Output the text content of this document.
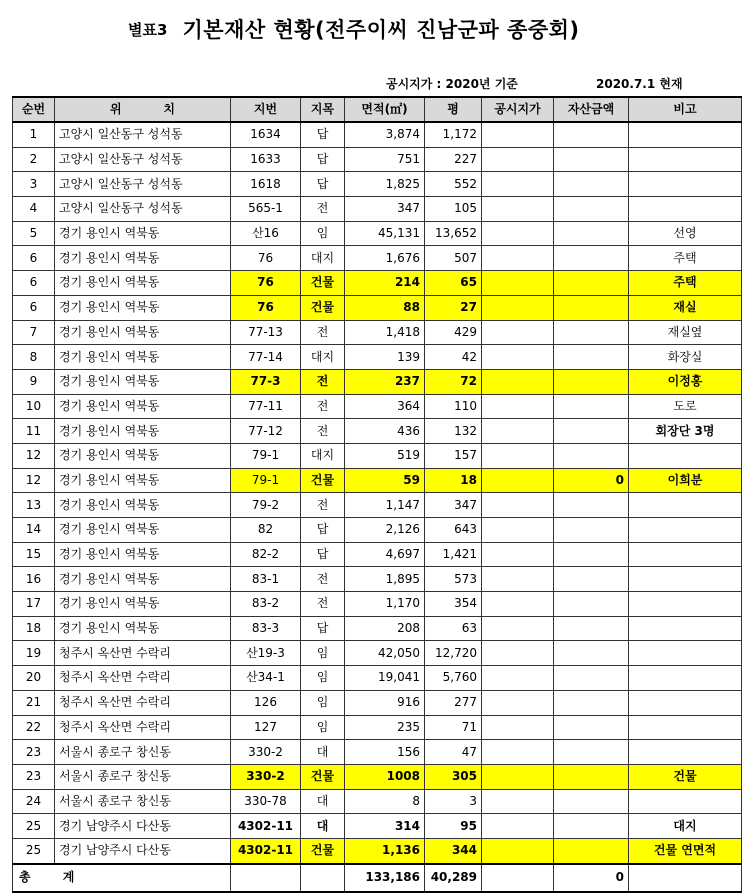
별표3 기본재산 현황(전주이씨 진남군파 종중회)
공시지가 : 2020년 기준	2020.7.1 현재
순번	위          치	지번	지목	면적(㎡)	평	공시지가	자산금액	비고
1	고양시 일산동구 성석동	1634	답	3,874	1,172			
2	고양시 일산동구 성석동	1633	답	751	227			
3	고양시 일산동구 성석동	1618	답	1,825	552			
4	고양시 일산동구 성석동	565-1	전	347	105			
5	경기 용인시 역북동	산16	임	45,131	13,652			선영
6	경기 용인시 역북동	76	대지	1,676	507			주택
6	경기 용인시 역북동	76	건물	214	65			주택
6	경기 용인시 역북동	76	건물	88	27			재실
7	경기 용인시 역북동	77-13	전	1,418	429			재실옆
8	경기 용인시 역북동	77-14	대지	139	42			화장실
9	경기 용인시 역북동	77-3	전	237	72			이정홍
10	경기 용인시 역북동	77-11	전	364	110			도로
11	경기 용인시 역북동	77-12	전	436	132			회장단 3명
12	경기 용인시 역북동	79-1	대지	519	157			
12	경기 용인시 역북동	79-1	건물	59	18		0	이희분
13	경기 용인시 역북동	79-2	전	1,147	347			
14	경기 용인시 역북동	82	답	2,126	643			
15	경기 용인시 역북동	82-2	답	4,697	1,421			
16	경기 용인시 역북동	83-1	전	1,895	573			
17	경기 용인시 역북동	83-2	전	1,170	354			
18	경기 용인시 역북동	83-3	답	208	63			
19	청주시 옥산면 수락리	산19-3	임	42,050	12,720			
20	청주시 옥산면 수락리	산34-1	임	19,041	5,760			
21	청주시 옥산면 수락리	126	임	916	277			
22	청주시 옥산면 수락리	127	임	235	71			
23	서울시 종로구 창신동	330-2	대	156	47			
23	서울시 종로구 창신동	330-2	건물	1008	305			건물
24	서울시 종로구 창신동	330-78	대	8	3			
25	경기 남양주시 다산동	4302-11	대	314	95			대지
25	경기 남양주시 다산동	4302-11	건물	1,136	344			건물 연면적
총 계				133,186	40,289		0	
